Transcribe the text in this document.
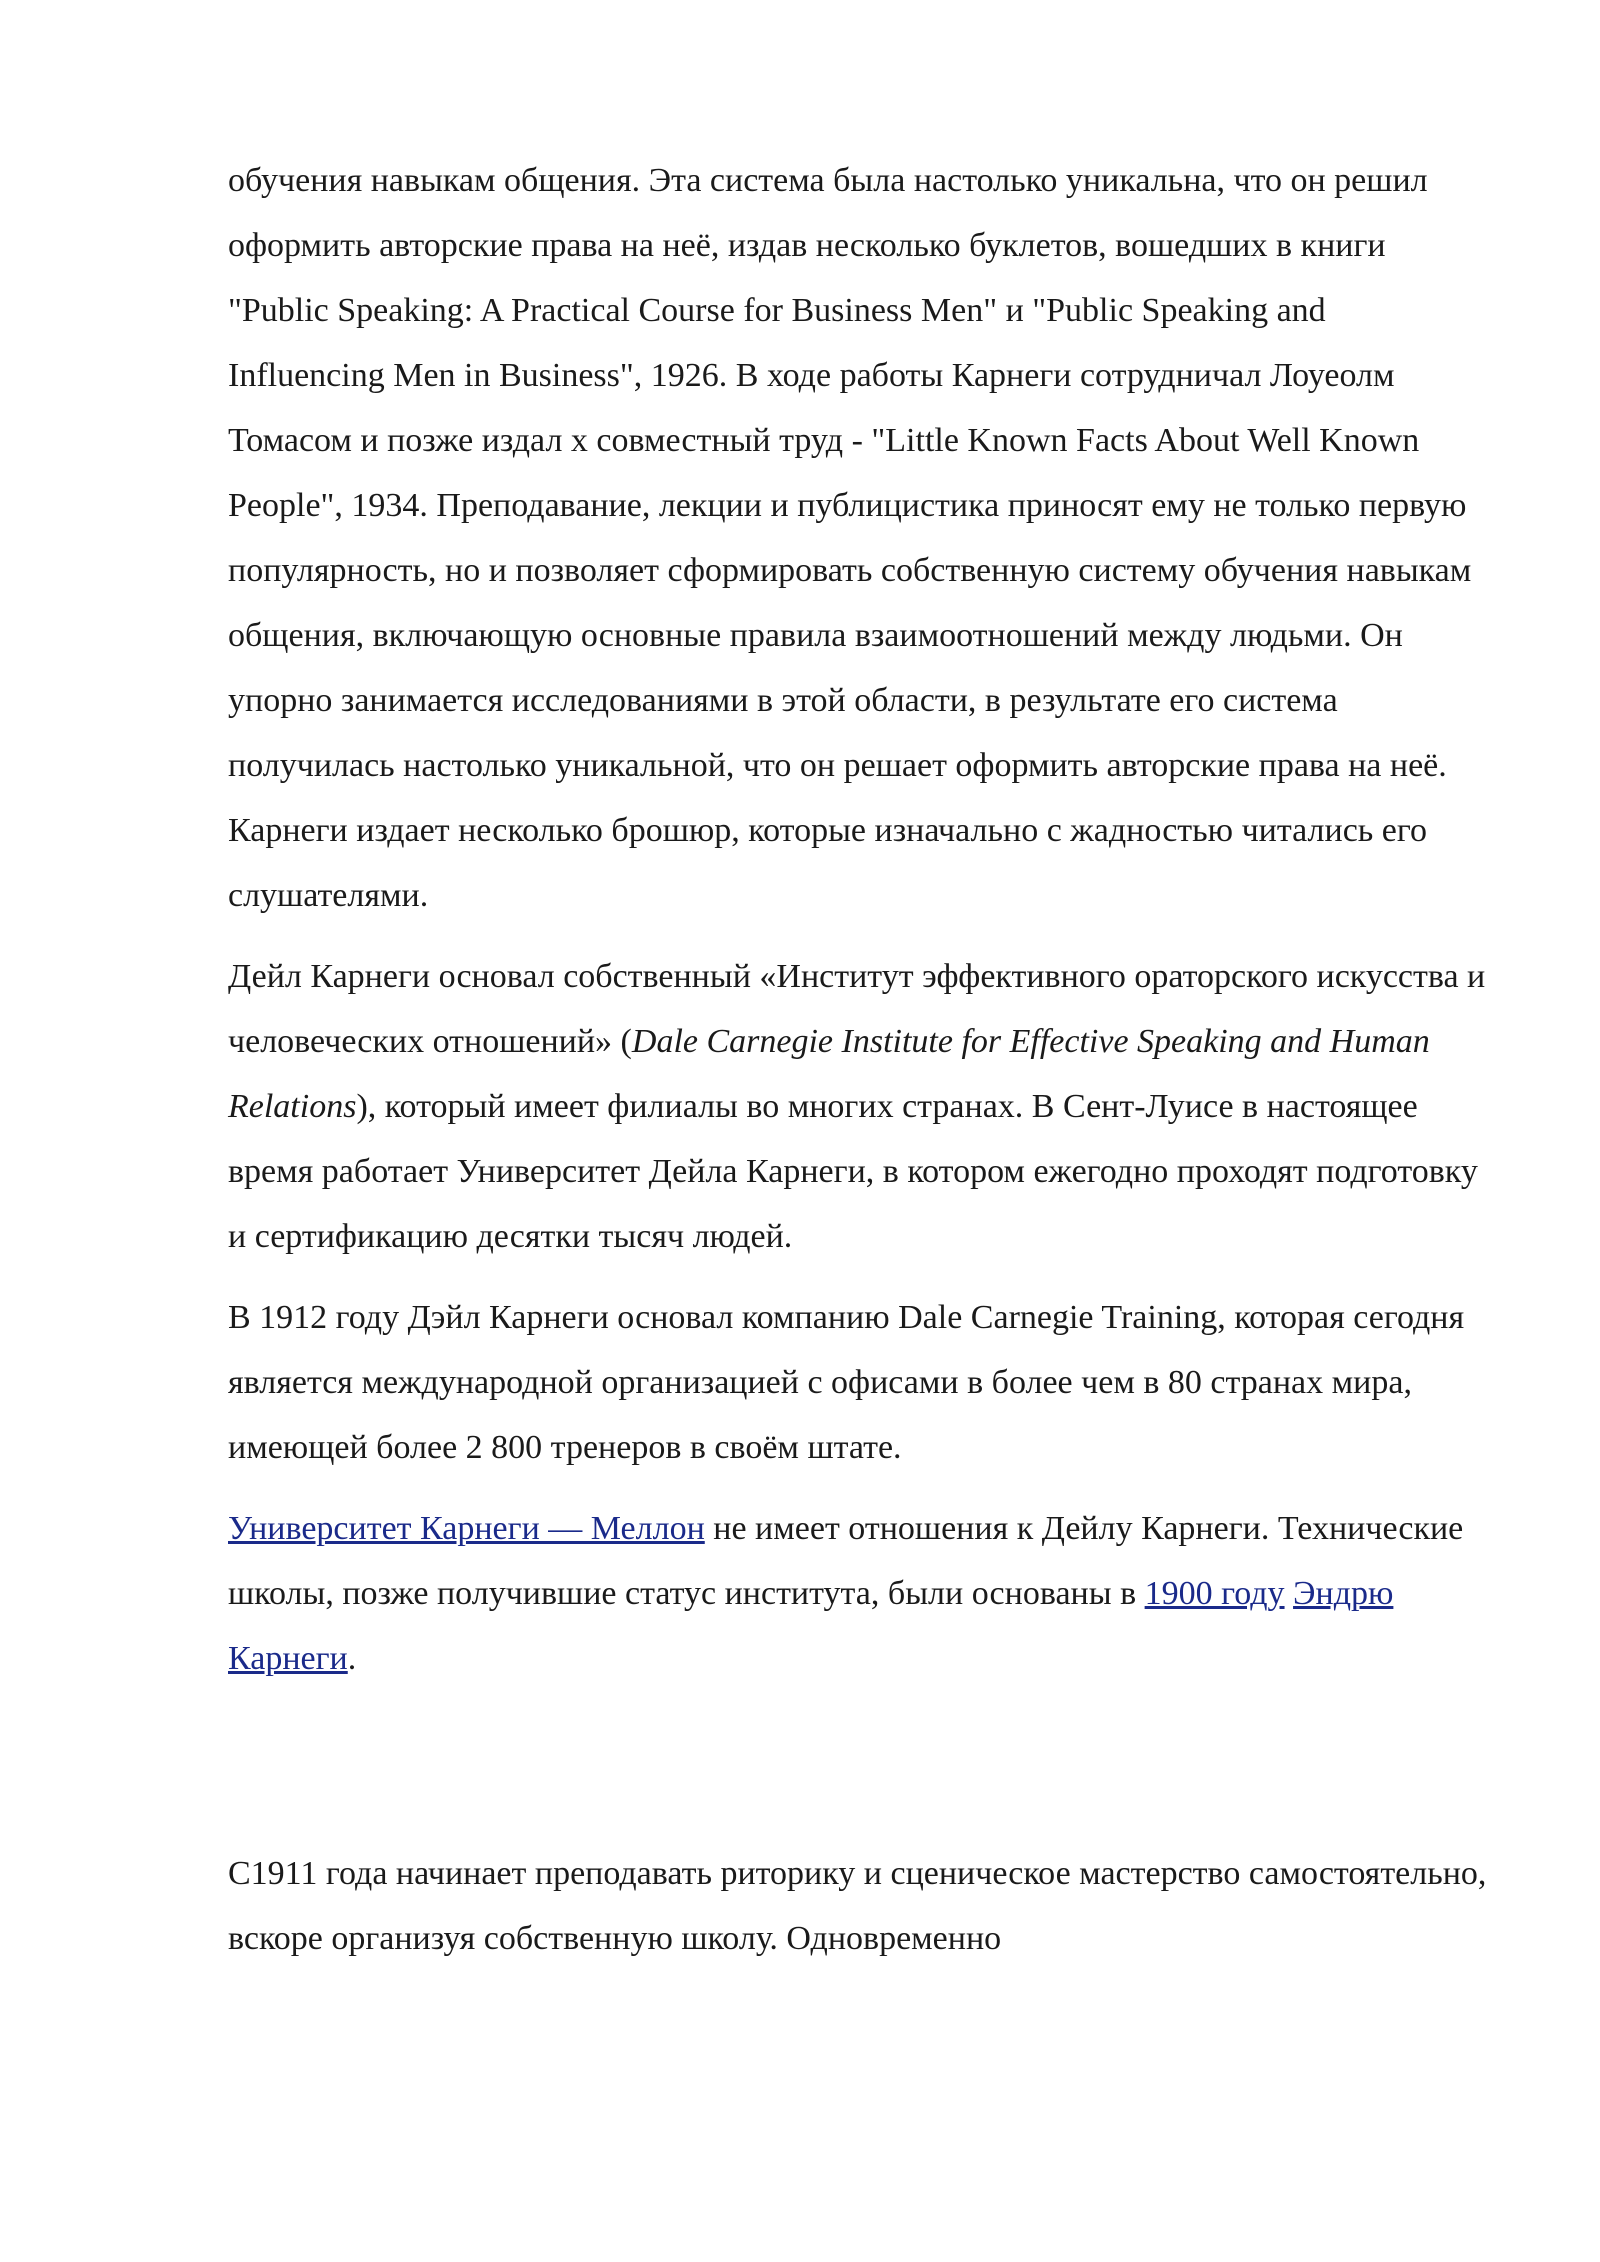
обучения навыкам общения. Эта система была настолько уникальна, что он решил оформить авторские права на неё, издав несколько буклетов, вошедших в книги "Public Speaking: A Practical Course for Business Men" и "Public Speaking and Influencing Men in Business", 1926. В ходе работы Карнеги сотрудничал Лоуеолм Томасом и позже издал х совместный труд - "Little Known Facts About Well Known People", 1934. Преподавание, лекции и публицистика приносят ему не только первую популярность, но и позволяет сформировать собственную систему обучения навыкам общения, включающую основные правила взаимоотношений между людьми. Он упорно занимается исследованиями в этой области, в результате его система получилась настолько уникальной, что он решает оформить авторские права на неё. Карнеги издает несколько брошюр, которые изначально с жадностью читались его слушателями.

Дейл Карнеги основал собственный «Институт эффективного ораторского искусства и человеческих отношений» (Dale Carnegie Institute for Effective Speaking and Human Relations), который имеет филиалы во многих странах. В Сент-Луисе в настоящее время работает Университет Дейла Карнеги, в котором ежегодно проходят подготовку и сертификацию десятки тысяч людей.

В 1912 году Дэйл Карнеги основал компанию Dale Carnegie Training, которая сегодня является международной организацией с офисами в более чем в 80 странах мира, имеющей более 2 800 тренеров в своём штате.

Университет Карнеги — Меллон не имеет отношения к Дейлу Карнеги. Технические школы, позже получившие статус института, были основаны в 1900 году Эндрю Карнеги.

С1911 года начинает преподавать риторику и сценическое мастерство самостоятельно, вскоре организуя собственную школу. Одновременно
